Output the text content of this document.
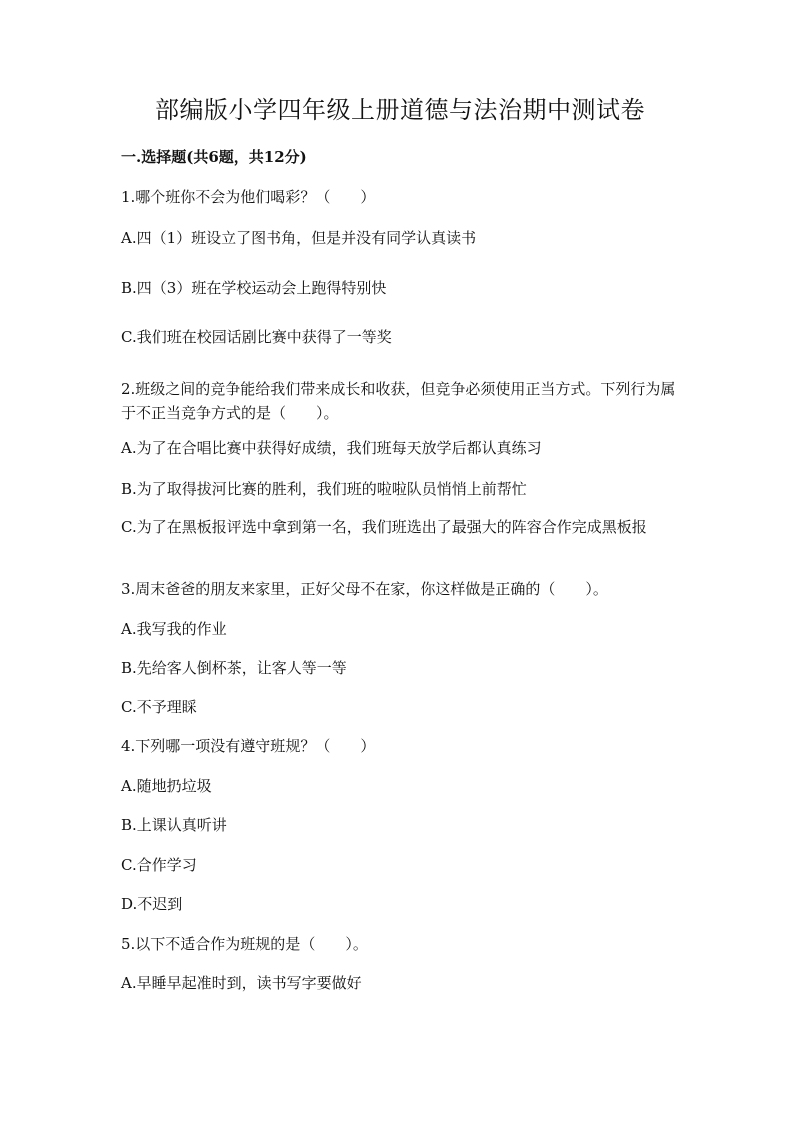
部编版小学四年级上册道德与法治期中测试卷
一.选择题(共6题，共12分)
1.哪个班你不会为他们喝彩？（　　）
A.四（1）班设立了图书角，但是并没有同学认真读书
B.四（3）班在学校运动会上跑得特别快
C.我们班在校园话剧比赛中获得了一等奖
2.班级之间的竞争能给我们带来成长和收获，但竞争必须使用正当方式。下列行为属于不正当竞争方式的是（　　）。
A.为了在合唱比赛中获得好成绩，我们班每天放学后都认真练习
B.为了取得拔河比赛的胜利，我们班的啦啦队员悄悄上前帮忙
C.为了在黑板报评选中拿到第一名，我们班选出了最强大的阵容合作完成黑板报
3.周末爸爸的朋友来家里，正好父母不在家，你这样做是正确的（　　）。
A.我写我的作业
B.先给客人倒杯茶，让客人等一等
C.不予理睬
4.下列哪一项没有遵守班规？（　　）
A.随地扔垃圾
B.上课认真听讲
C.合作学习
D.不迟到
5.以下不适合作为班规的是（　　）。
A.早睡早起准时到，读书写字要做好
